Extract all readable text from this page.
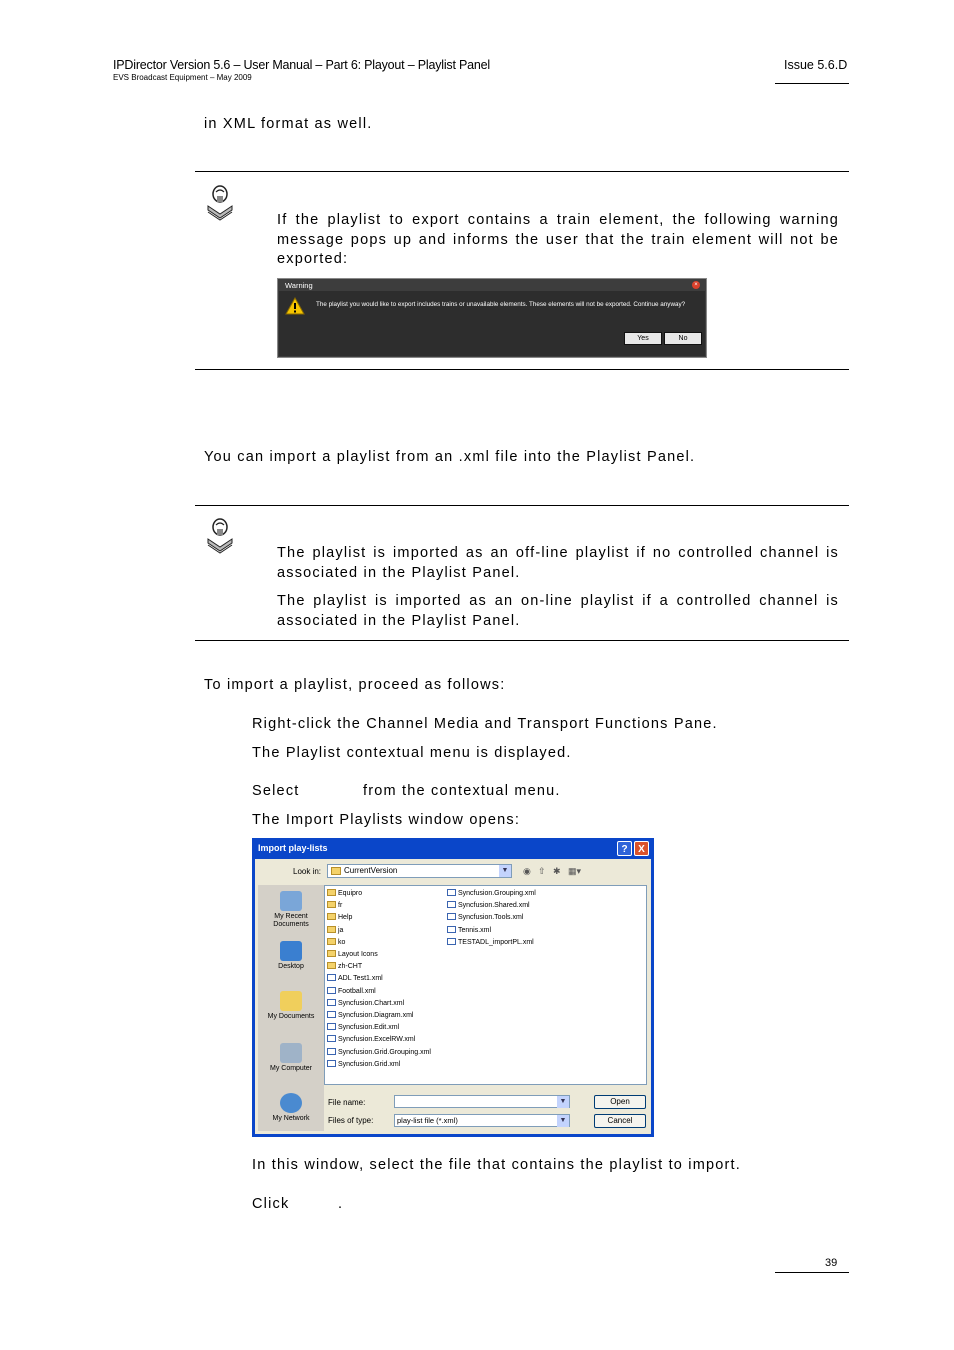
IPDirector Version 5.6 – User Manual – Part 6: Playout – Playlist Panel
EVS Broadcast Equipment – May 2009
Issue 5.6.D
in XML format as well.
If the playlist to export contains a train element, the following warning message pops up and informs the user that the train element will not be exported:
Warning	×
The playlist you would like to export includes trains or unavailable elements. These elements will not be exported. Continue anyway?
Yes	No
You can import a playlist from an .xml file into the Playlist Panel.
The playlist is imported as an off-line playlist if no controlled channel is associated in the Playlist Panel.
The playlist is imported as an on-line playlist if a controlled channel is associated in the Playlist Panel.
To import a playlist, proceed as follows:
Right-click the Channel Media and Transport Functions Pane.
The Playlist contextual menu is displayed.
Select	from the contextual menu.
The Import Playlists window opens:
Import play-lists	?	X
Look in:	CurrentVersion	▼ ◉ ⇧ ✱ ▦▾
My Recent Documents
Desktop
My Documents
My Computer
My Network
Equipro
fr
Help
ja
ko
Layout Icons
zh-CHT
ADL Test1.xml
Football.xml
Syncfusion.Chart.xml
Syncfusion.Diagram.xml
Syncfusion.Edit.xml
Syncfusion.ExcelRW.xml
Syncfusion.Grid.Grouping.xml
Syncfusion.Grid.xml
Syncfusion.Grouping.xml
Syncfusion.Shared.xml
Syncfusion.Tools.xml
Tennis.xml
TESTADL_importPL.xml
File name:	▼
Files of type:	play-list file (*.xml)	▼
Open
Cancel
In this window, select the file that contains the playlist to import.
Click	.
39
